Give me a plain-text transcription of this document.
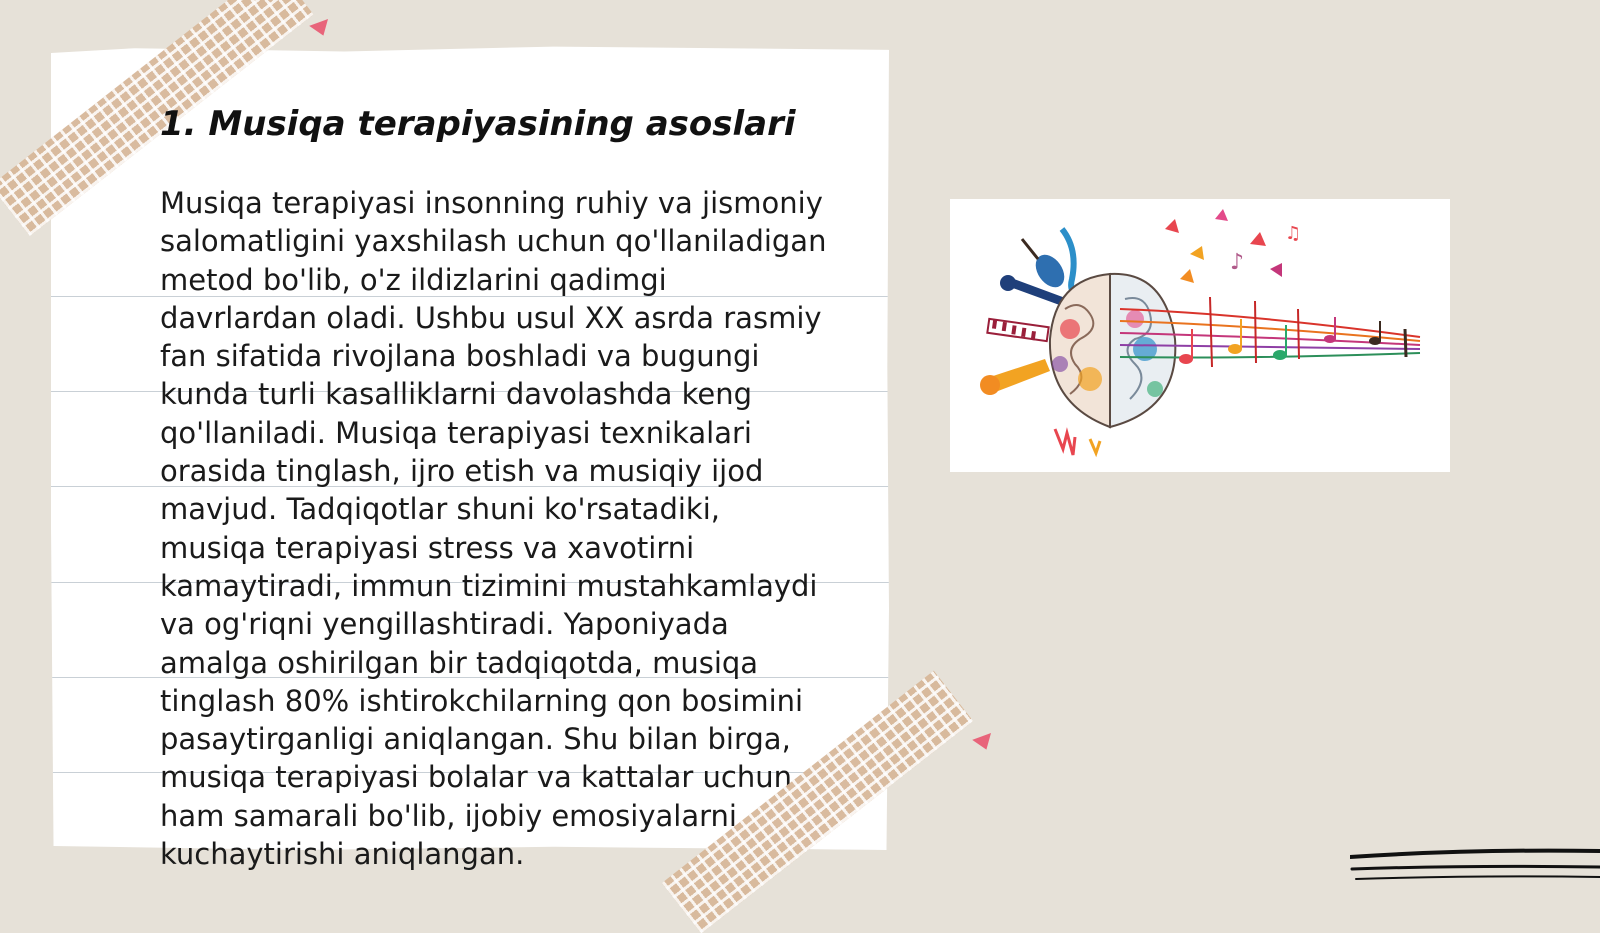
1. Musiqa terapiyasining asoslari

Musiqa terapiyasi insonning ruhiy va jismoniy salomatligini yaxshilash uchun qo'llaniladigan metod bo'lib, o'z ildizlarini qadimgi davrlardan oladi. Ushbu usul XX asrda rasmiy fan sifatida rivojlana boshladi va bugungi kunda turli kasalliklarni davolashda keng qo'llaniladi. Musiqa terapiyasi texnikalari orasida tinglash, ijro etish va musiqiy ijod mavjud. Tadqiqotlar shuni ko'rsatadiki, musiqa terapiyasi stress va xavotirni kamaytiradi, immun tizimini mustahkamlaydi va og'riqni yengillashtiradi. Yaponiyada amalga oshirilgan bir tadqiqotda, musiqa tinglash 80% ishtirokchilarning qon bosimini pasaytirganligi aniqlangan. Shu bilan birga, musiqa terapiyasi bolalar va kattalar uchun ham samarali bo'lib, ijobiy emosiyalarni kuchaytirishi aniqlangan.

♪
♫
